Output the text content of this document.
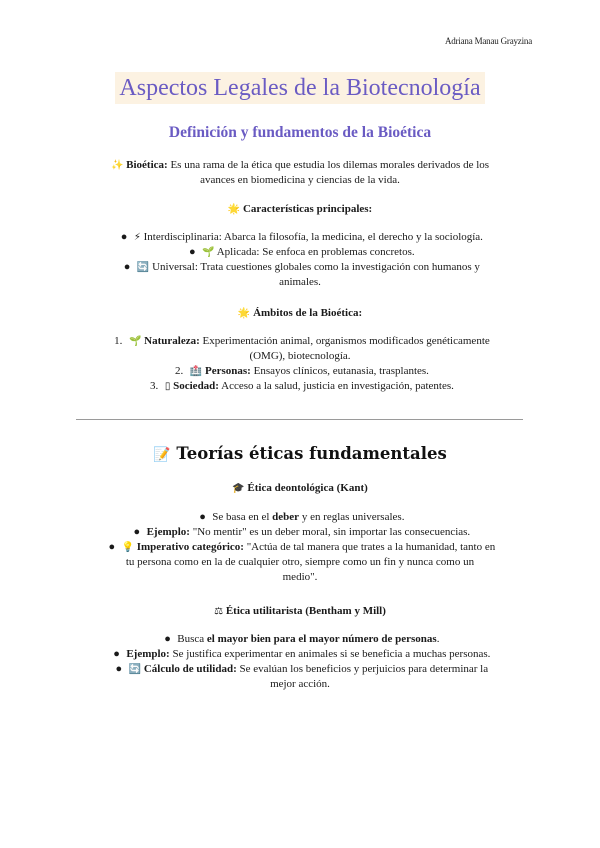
Adriana Manau Grayzina
Aspectos Legales de la Biotecnología
Definición y fundamentos de la Bioética
✨ Bioética: Es una rama de la ética que estudia los dilemas morales derivados de los
avances en biomedicina y ciencias de la vida.
🌟 Características principales:
● ⚡ Interdisciplinaria: Abarca la filosofía, la medicina, el derecho y la sociología.
● 🌱 Aplicada: Se enfoca en problemas concretos.
● 🔄 Universal: Trata cuestiones globales como la investigación con humanos y
animales.
🌟 Ámbitos de la Bioética:
1. 🌱 Naturaleza: Experimentación animal, organismos modificados genéticamente
(OMG), biotecnología.
2. 🏥 Personas: Ensayos clínicos, eutanasia, trasplantes.
3. ▯ Sociedad: Acceso a la salud, justicia en investigación, patentes.
📝 Teorías éticas fundamentales
🎓 Ética deontológica (Kant)
● Se basa en el deber y en reglas universales.
● Ejemplo: "No mentir" es un deber moral, sin importar las consecuencias.
● 💡 Imperativo categórico: "Actúa de tal manera que trates a la humanidad, tanto en
tu persona como en la de cualquier otro, siempre como un fin y nunca como un
medio".
⚖ Ética utilitarista (Bentham y Mill)
● Busca el mayor bien para el mayor número de personas.
● Ejemplo: Se justifica experimentar en animales si se beneficia a muchas personas.
● 🔄 Cálculo de utilidad: Se evalúan los beneficios y perjuicios para determinar la
mejor acción.
